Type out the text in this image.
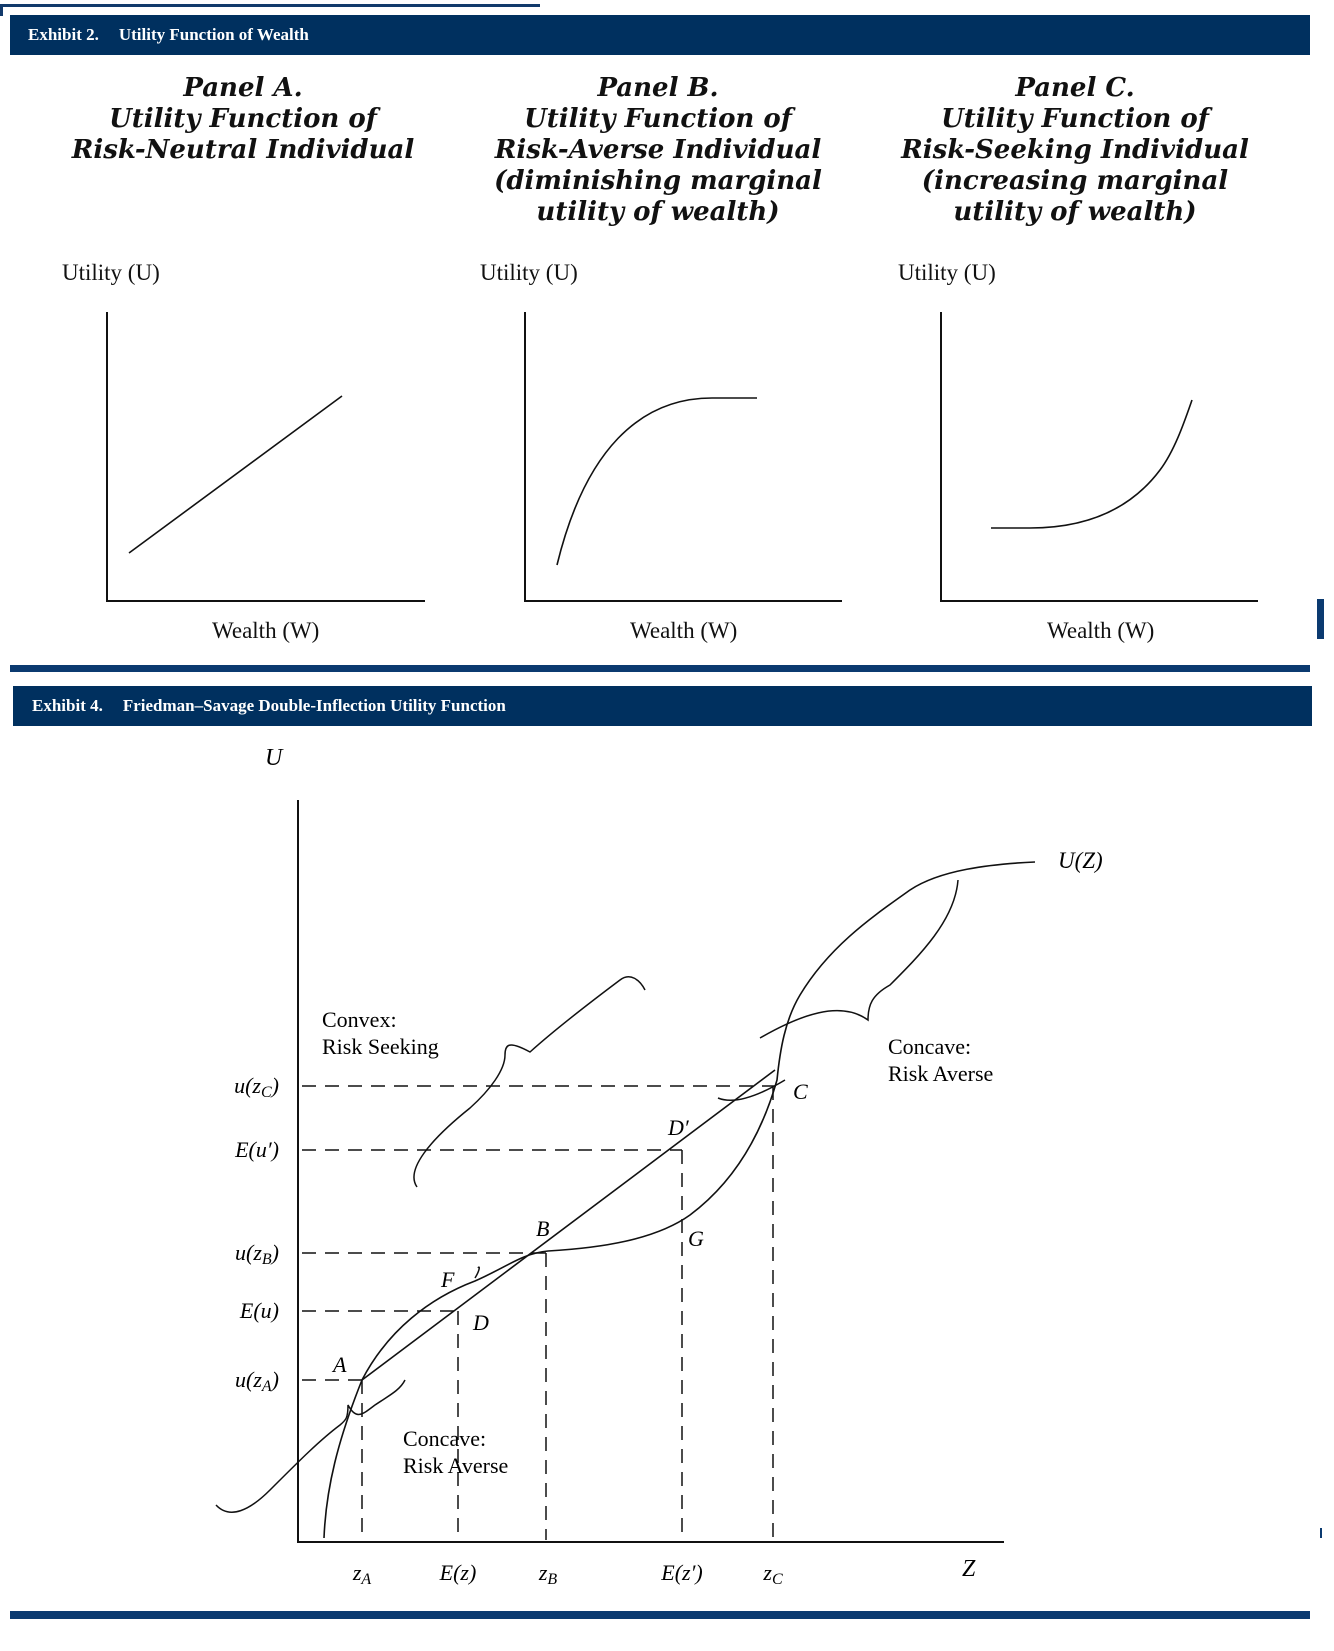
Exhibit 2. Utility Function of Wealth
Panel A.
Utility Function of
Risk-Neutral Individual
Panel B.
Utility Function of
Risk-Averse Individual
(diminishing marginal
utility of wealth)
Panel C.
Utility Function of
Risk-Seeking Individual
(increasing marginal
utility of wealth)
Utility (U)	Utility (U)	Utility (U)
Wealth (W)	Wealth (W)	Wealth (W)
Exhibit 4. Friedman–Savage Double-Inflection Utility Function
U
Z
U(Z)
u(zC)
E(u′)
u(zB)
E(u)
u(zA)
zA	E(z)	zB	E(z′)	zC
A
B
C
D
D′
F
G
Convex:
Risk Seeking	Concave:
Risk Averse
Concave:
Risk Averse
